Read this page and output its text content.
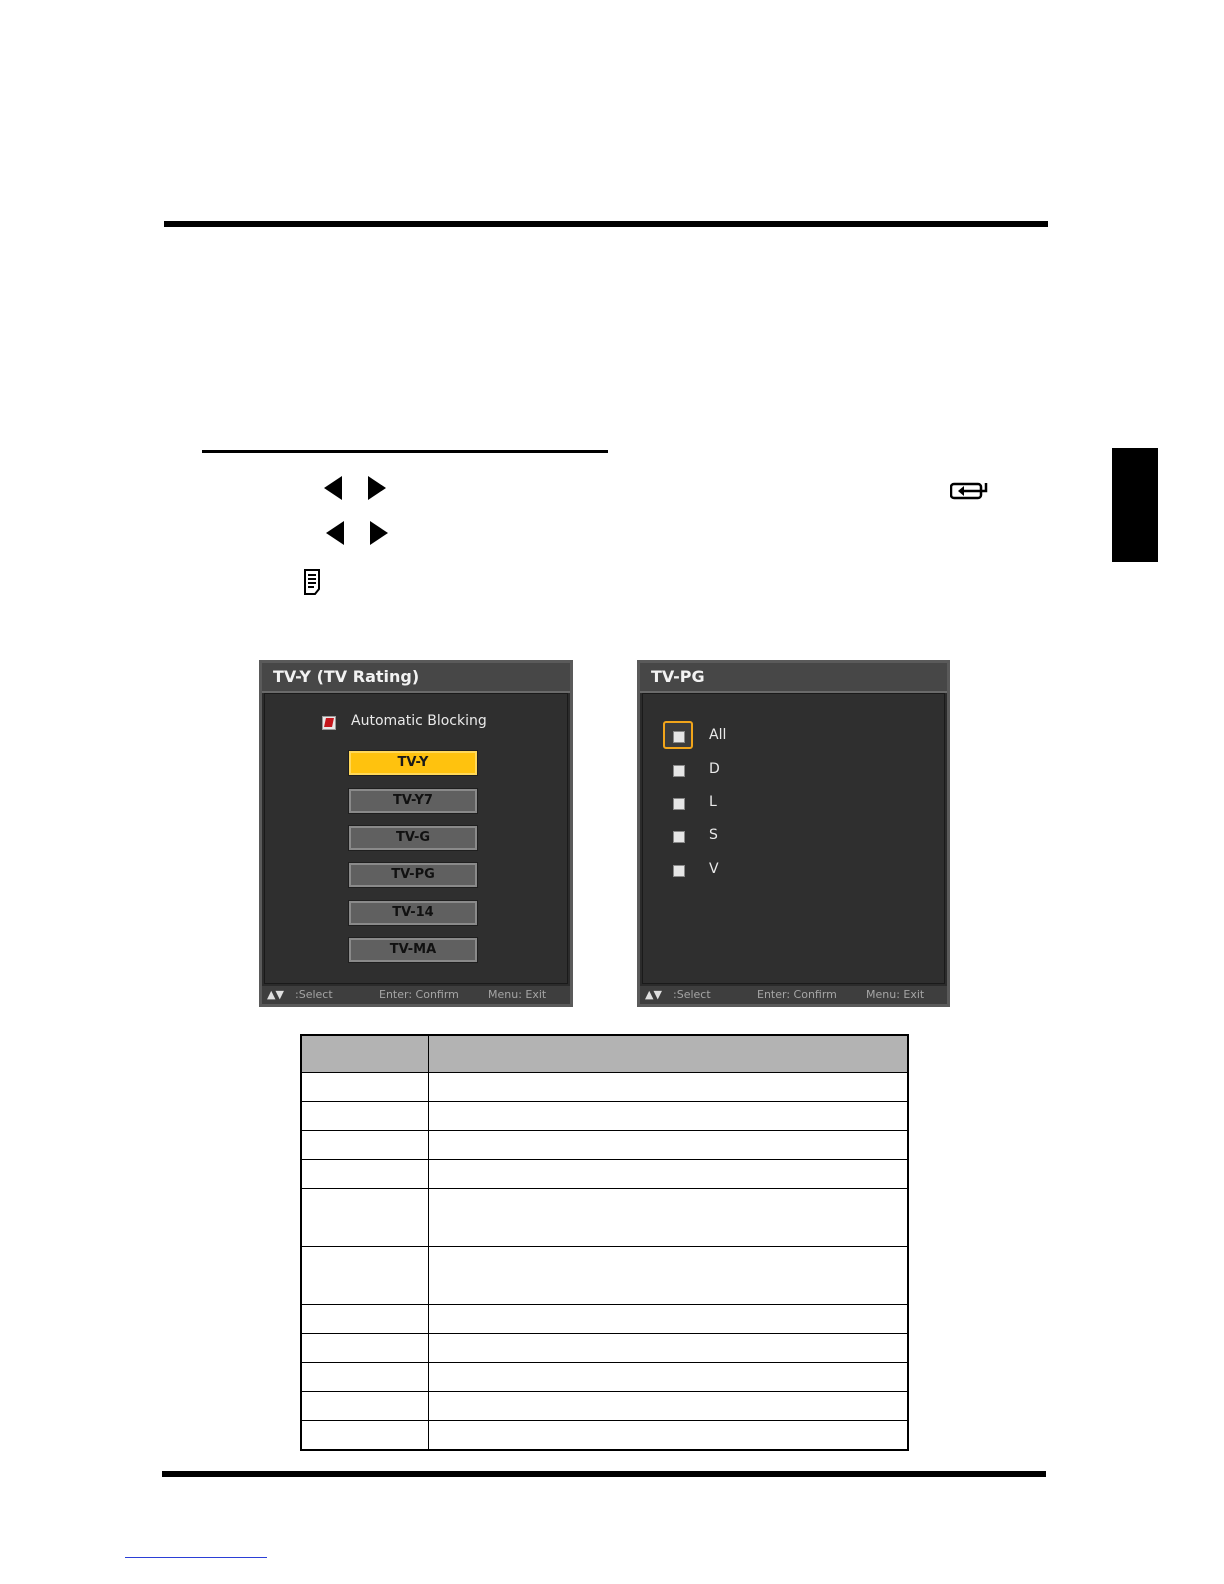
TV-Y (TV Rating)
Automatic Blocking
TV-Y
TV-Y7
TV-G
TV-PG
TV-14
TV-MA
▲▼ :Select	Enter: Confirm	Menu: Exit
TV-PG
All
D
L
S
V
▲▼ :Select	Enter: Confirm	Menu: Exit
